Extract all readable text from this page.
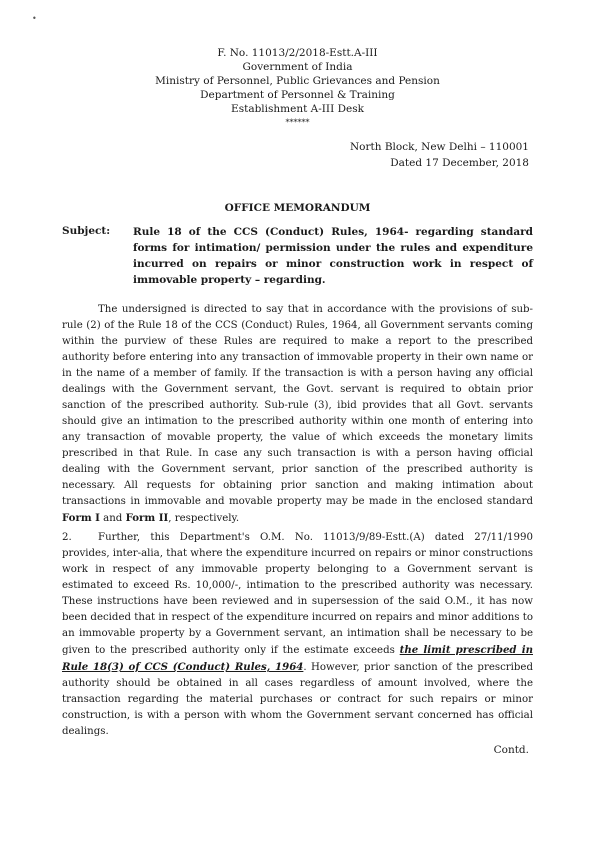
•
F. No. 11013/2/2018-Estt.A-III
Government of India
Ministry of Personnel, Public Grievances and Pension
Department of Personnel & Training
Establishment A-III Desk
******
North Block, New Delhi – 110001
Dated 17 December, 2018
OFFICE MEMORANDUM
Subject: Rule 18 of the CCS (Conduct) Rules, 1964- regarding standard forms for intimation/ permission under the rules and expenditure incurred on repairs or minor construction work in respect of immovable property – regarding.
The undersigned is directed to say that in accordance with the provisions of sub-rule (2) of the Rule 18 of the CCS (Conduct) Rules, 1964, all Government servants coming within the purview of these Rules are required to make a report to the prescribed authority before entering into any transaction of immovable property in their own name or in the name of a member of family. If the transaction is with a person having any official dealings with the Government servant, the Govt. servant is required to obtain prior sanction of the prescribed authority. Sub-rule (3), ibid provides that all Govt. servants should give an intimation to the prescribed authority within one month of entering into any transaction of movable property, the value of which exceeds the monetary limits prescribed in that Rule. In case any such transaction is with a person having official dealing with the Government servant, prior sanction of the prescribed authority is necessary. All requests for obtaining prior sanction and making intimation about transactions in immovable and movable property may be made in the enclosed standard Form I and Form II, respectively.
2.	Further, this Department's O.M. No. 11013/9/89-Estt.(A) dated 27/11/1990 provides, inter-alia, that where the expenditure incurred on repairs or minor constructions work in respect of any immovable property belonging to a Government servant is estimated to exceed Rs. 10,000/-, intimation to the prescribed authority was necessary. These instructions have been reviewed and in supersession of the said O.M., it has now been decided that in respect of the expenditure incurred on repairs and minor additions to an immovable property by a Government servant, an intimation shall be necessary to be given to the prescribed authority only if the estimate exceeds the limit prescribed in Rule 18(3) of CCS (Conduct) Rules, 1964. However, prior sanction of the prescribed authority should be obtained in all cases regardless of amount involved, where the transaction regarding the material purchases or contract for such repairs or minor construction, is with a person with whom the Government servant concerned has official dealings.
Contd.
